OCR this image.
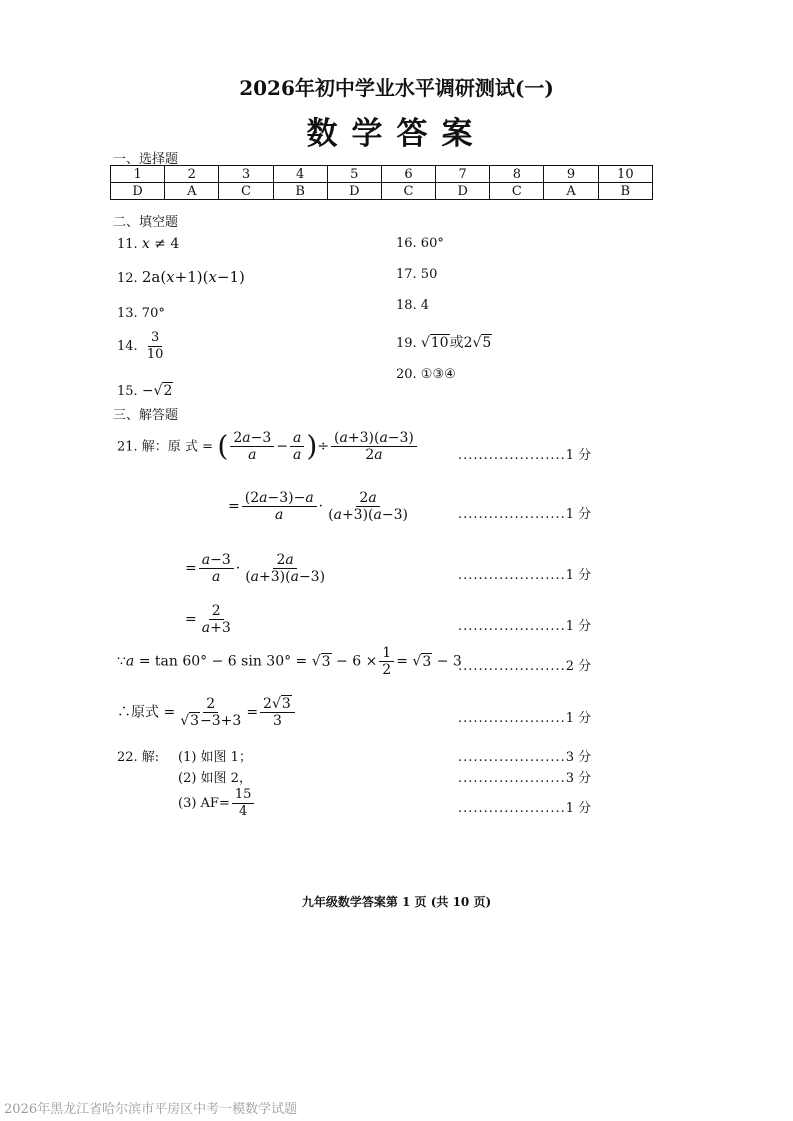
2026年初中学业水平调研测试(一)
数学答案
一、选择题
1	2	3	4	5	6	7	8	9	10
D	A	C	B	D	C	D	C	A	B
二、填空题
11. x ≠ 4
12. 2a(x+1)(x−1)
13. 70°
14. $\frac{3}{10}$
15. −√2
16. 60°
17. 50
18. 4
19. √10或2√5
20. ①③④
三、解答题
21. 解：原 式 = ( $\frac{2a-3}{a} - \frac{a}{a}$ )÷ $\frac{(a+3)(a-3)}{2a}$	.....................1 分
= $\frac{(2a-3)-a}{a} \cdot \frac{2a}{(a+3)(a-3)}$	.....................1 分
= $\frac{a-3}{a} \cdot \frac{2a}{(a+3)(a-3)}$	.....................1 分
= $\frac{2}{a+3}$	.....................1 分
∵a = tan 60° − 6 $\sin 30^\circ = √3 - 6 \times \frac{1}{2} = √3 - 3$
.....................2 分
∴原式 = $\frac{2}{√3-3+3} = \frac{2√3}{3}$	.....................1 分
22. 解: (1) 如图 1；	.....................3 分
(2) 如图 2，	.....................3 分
(3) $AF= \frac{15}{4}$	.....................1 分
九年级数学答案第 1 页 (共 10 页)
2026年黑龙江省哈尔滨市平房区中考一模数学试题
